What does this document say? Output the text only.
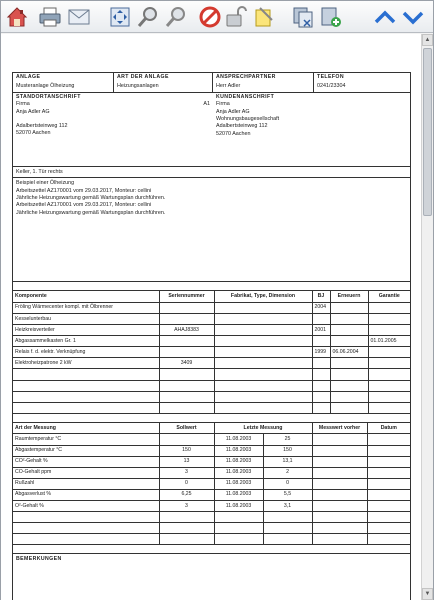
ANLAGE
Musteranlage Ölheizung
ART DER ANLAGE
Heizungsanlagen
ANSPRECHPARTNER
Herr Adler
TELEFON
0241/23304
STANDORTANSCHRIFT
A1
Firma
Anja Adler AG
Adalbertsteinweg 112
52070 Aachen
KUNDENANSCHRIFT
Firma
Anja Adler AG
Wohnungsbaugesellschaft
Adalbertsteinweg 112
52070 Aachen
Keller, 1. Tür rechts
Beispiel einer Ölheizung
Arbeitszettel AZ170001 vom 29.03.2017, Monteur: cellini
Jährliche Heizungswartung gemäß Wartungsplan durchführen.
Arbeitszettel AZ170001 vom 29.03.2017, Monteur: cellini
Jährliche Heizungswartung gemäß Wartungsplan durchführen.
Komponente	Seriennummer	Fabrikat, Type, Dimension	BJ	Erneuern	Garantie
Fröling Wärmecenter kompl. mit Ölbrenner			2004		
Kesselunterbau					
Heizkreisverteiler	AHAJ8383		2001		
Abgassammelkasten Gr. 1					01.01.2005
Relais f. d. elektr. Verknüpfung			1999	06.06.2004	
Elektroheizpatrone 2 kW	3409				

Art der Messung	Sollwert	Letzte Messung		Messwert vorher	Datum
Raumtemperatur °C		11.08.2003	25		
Abgastemperatur °C	150	11.08.2003	150		
CO²-Gehalt %	13	11.08.2003	13,1		
CO-Gehalt ppm	3	11.08.2003	2		
Rußzahl	0	11.08.2003	0		
Abgasverlust %	6,25	11.08.2003	5,5		
O²-Gehalt %	3	11.08.2003	3,1		

BEMERKUNGEN
▲
▼
